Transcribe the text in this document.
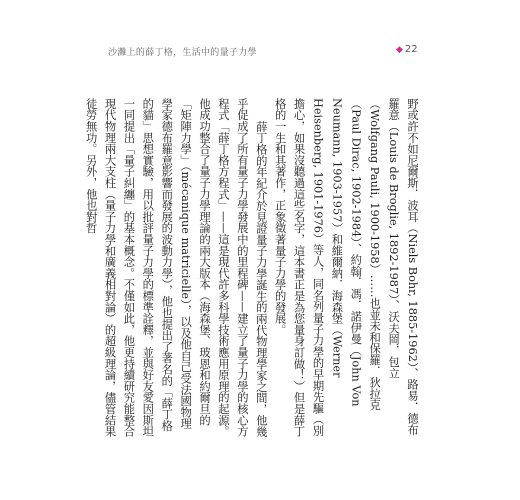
沙灘上的薛丁格，生活中的量子力學	◆ 22

野或許不如尼爾斯．波耳（Niels Bohr, 1885-1962）、路易．德布羅意（Louis de Broglie, 1892-1987）、沃夫岡．包立（Wolfgang Pauli, 1900-1958）……也並未和保羅．狄拉克（Paul Dirac, 1902-1984）、約翰．馮．諾伊曼（John Von Neumann, 1903-1957）和維爾納．海森堡（Werner Heisenberg, 1901-1976）等人，同名列量子力學的早期先驅（別擔心，如果沒聽過這些名字，這本書正是為您量身訂做！）但是薛丁格的一生和其著作，正象徵著量子力學的發展。

薛丁格的年紀介於見證量子力學誕生的兩代物理學家之間，他幾乎促成了所有量子力學發展中的里程碑——建立了量子力學的核心方程式「薛丁格方程式」——這是現代許多科學技術應用原理的起源。他成功整合了量子力學理論的兩大版本（海森堡、玻恩和約爾旦的「矩陣力學」（mécanique matricielle），以及他自己受法國物理學家德布羅意影響而發展的波動力學），他也提出了著名的「薛丁格的貓」思想實驗，用以批評量子力學的標準詮釋，並與好友愛因斯坦一同提出「量子糾纏」的基本概念。不僅如此，他更持續研究能整合現代物理兩大支柱（量子力學和廣義相對論）的超級理論，儘管結果徒勞無功。另外，他也對哲
